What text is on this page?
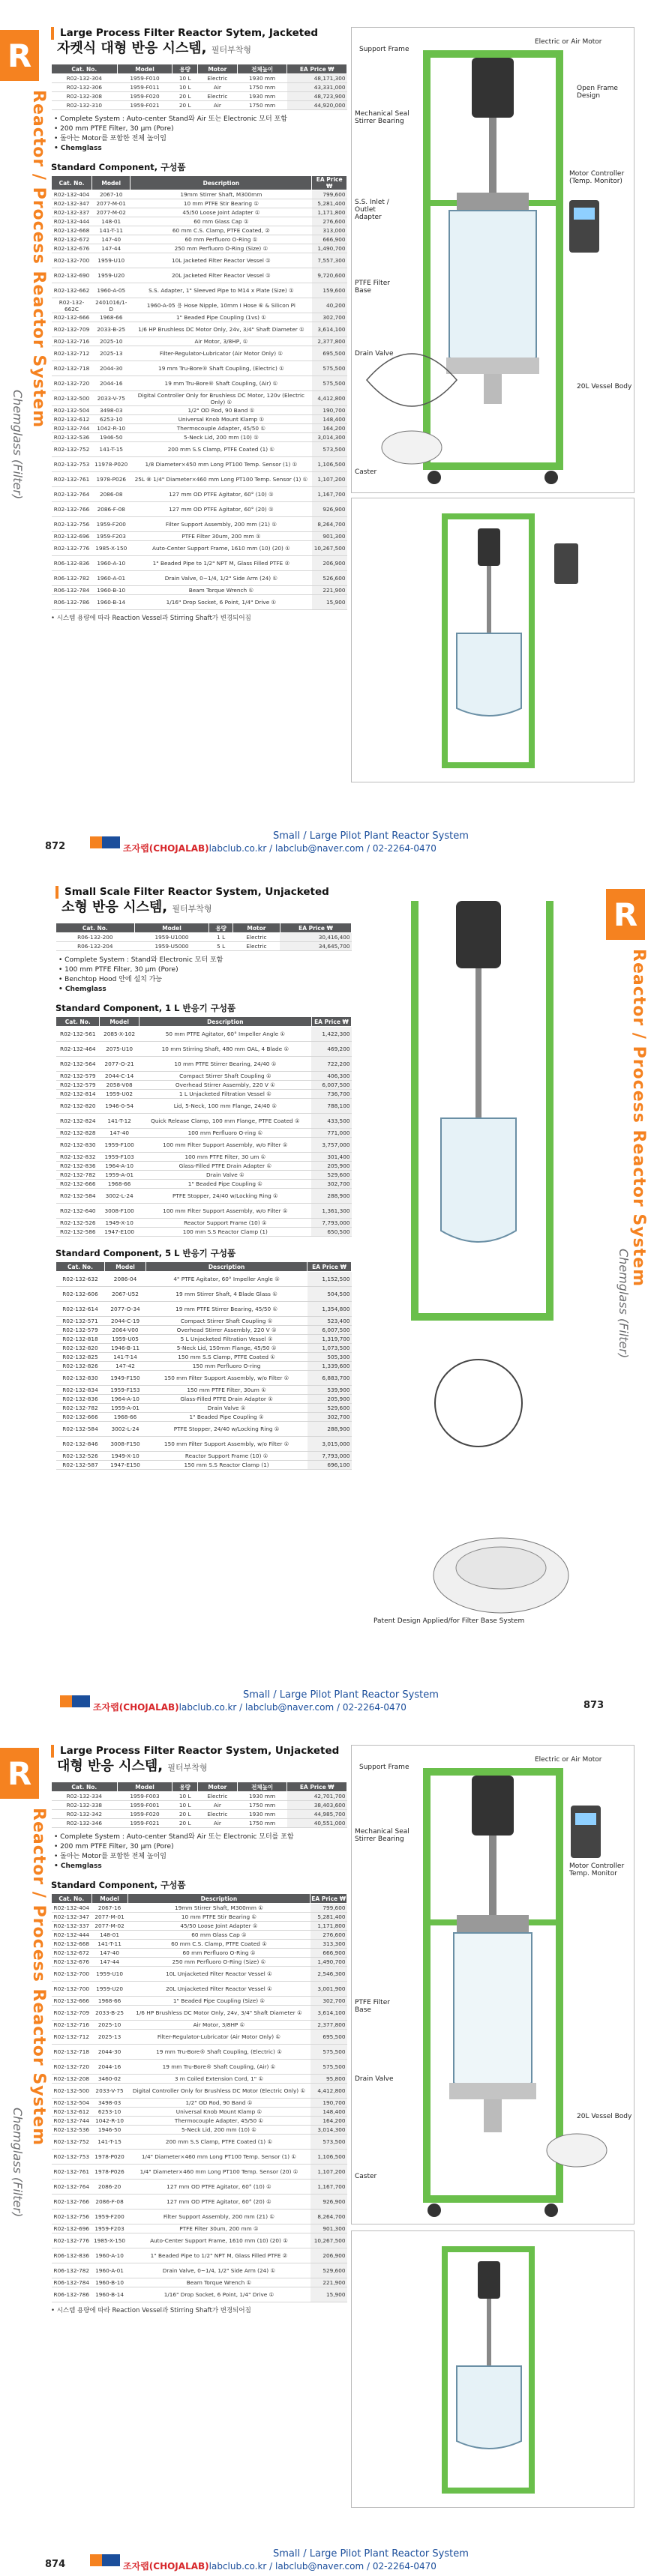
R
Reactor / Process Reactor System
Chemglass (Filter)
Large Process Filter Reactor Sytem, Jacketed
자켓식 대형 반응 시스템, 필터부착형
Cat. No.	Model	용량	Motor	전체높이	EA Price ₩
R02-132-304	1959-F010	10 L	Electric	1930 mm	48,171,300
R02-132-306	1959-F011	10 L	Air	1750 mm	43,331,000
R02-132-308	1959-F020	20 L	Electric	1930 mm	48,723,900
R02-132-310	1959-F021	20 L	Air	1750 mm	44,920,000
• Complete System : Auto-center Stand와 Air 또는 Electronic 모터 포함
• 200 mm PTFE Filter, 30 µm (Pore)
• 돌아는 Motor를 포함한 전체 높이임
• Chemglass
Standard Component, 구성품
Cat. No.	Model	Description	EA Price ₩
R02-132-404	2067-10	19mm Stirrer Shaft, M300mm	799,600
R02-132-347	2077-M-01	10 mm PTFE Stir Bearing ①	5,281,400
R02-132-337	2077-M-02	45/50 Loose Joint Adapter ①	1,171,800
R02-132-444	148-01	60 mm Glass Cap ①	276,600
R02-132-668	141-T-11	60 mm C.S. Clamp, PTFE Coated, ②	313,000
R02-132-672	147-40	60 mm Perfluoro O-Ring ①	666,900
R02-132-676	147-44	250 mm Perfluoro O-Ring (Size) ①	1,490,700
R02-132-700	1959-U10	10L Jacketed Filter Reactor Vessel ①	7,557,300
R02-132-690	1959-U20	20L Jacketed Filter Reactor Vessel ①	9,720,600
R02-132-662	1960-A-05	S.S. Adapter, 1" Sleeved Pipe to M14 x Plate (Size) ①	159,600
R02-132-662C	2401016/1-D	1960-A-05 용 Hose Nipple, 10mm I Hose ⑥ & Silicon Pi	40,200
R02-132-666	1968-66	1" Beaded Pipe Coupling (1vs) ①	302,700
R02-132-709	2033-B-25	1/6 HP Brushless DC Motor Only, 24v, 3/4" Shaft Diameter ①	3,614,100
R02-132-716	2025-10	Air Motor, 3/8HP, ①	2,377,800
R02-132-712	2025-13	Filter-Regulator-Lubricator (Air Motor Only) ①	695,500
R02-132-718	2044-30	19 mm Tru-Bore® Shaft Coupling, (Electric) ①	575,500
R02-132-720	2044-16	19 mm Tru-Bore® Shaft Coupling, (Air) ①	575,500
R02-132-500	2033-V-75	Digital Controller Only for Brushless DC Motor, 120v (Electric Only) ①	4,412,800
R02-132-504	3498-03	1/2" OD Rod, 90 Band ①	190,700
R02-132-612	6253-10	Universal Knob Mount Klamp ①	148,400
R02-132-744	1042-R-10	Thermocouple Adapter, 45/50 ①	164,200
R02-132-536	1946-50	5-Neck Lid, 200 mm (10) ①	3,014,300
R02-132-752	141-T-15	200 mm S.S Clamp, PTFE Coated (1) ①	573,500
R02-132-753	11978-P020	1/8 Diameter×450 mm Long PT100 Temp. Sensor (1) ①	1,106,500
R02-132-761	1978-P026	25L ⑧ 1/4" Diameter×460 mm Long PT100 Temp. Sensor (1) ①	1,107,200
R02-132-764	2086-08	127 mm OD PTFE Agitator, 60° (10) ①	1,167,700
R02-132-766	2086-F-08	127 mm OD PTFE Agitator, 60° (20) ①	926,900
R02-132-756	1959-F200	Filter Support Assembly, 200 mm (21) ①	8,264,700
R02-132-696	1959-F203	PTFE Filter 30um, 200 mm ①	901,300
R02-132-776	1985-X-150	Auto-Center Support Frame, 1610 mm (10) (20) ①	10,267,500
R06-132-836	1960-A-10	1" Beaded Pipe to 1/2" NPT M, Glass Filled PTFE ②	206,900
R06-132-782	1960-A-01	Drain Valve, 0~1/4, 1/2" Side Arm (24) ①	526,600
R06-132-784	1960-B-10	Beam Torque Wrench ①	221,900
R06-132-786	1960-B-14	1/16" Drop Socket, 6 Point, 1/4" Drive ①	15,900
• 시스템 용량에 따라 Reaction Vessel과 Stirring Shaft가 변경되어짐
Support Frame
Electric or Air Motor
Open Frame Design
Mechanical Seal Stirrer Bearing
S.S. Inlet / Outlet Adapter
PTFE Filter Base
Motor Controller (Temp. Monitor)
Drain Valve
Caster
20L Vessel Body
872
Small / Large Pilot Plant Reactor System
조자랩(CHOJALAB)labclub.co.kr / labclub@naver.com / 02-2264-0470
R
Reactor / Process Reactor System
Chemglass (Filter)
Small Scale Filter Reactor System, Unjacketed
소형 반응 시스템, 필터부착형
Cat. No.	Model	용량	Motor	EA Price ₩
R06-132-200	1959-U1000	1 L	Electric	30,416,400
R06-132-204	1959-U5000	5 L	Electric	34,645,700
• Complete System : Stand와 Electronic 모터 포함
• 100 mm PTFE Filter, 30 µm (Pore)
• Benchtop Hood 안에 설치 가능
• Chemglass
Standard Component, 1 L 반응기 구성품
Cat. No.	Model	Description	EA Price ₩
R02-132-561	2085-X-102	50 mm PTFE Agitator, 60° Impeller Angle ①	1,422,300
R02-132-464	2075-U10	10 mm Stirring Shaft, 480 mm OAL, 4 Blade ①	469,200
R02-132-564	2077-O-21	10 mm PTFE Stirrer Bearing, 24/40 ①	722,200
R02-132-579	2044-C-14	Compact Stirrer Shaft Coupling ①	406,300
R02-132-579	2058-V08	Overhead Stirrer Assembly, 220 V ①	6,007,500
R02-132-814	1959-U02	1 L Unjacketed Filtration Vessel ①	736,700
R02-132-820	1946-0-54	Lid, 5-Neck, 100 mm Flange, 24/40 ①	788,100
R02-132-824	141-T-12	Quick Release Clamp, 100 mm Flange, PTFE Coated ①	433,500
R02-132-828	147-40	100 mm Perfluoro O-ring ①	771,000
R02-132-830	1959-F100	100 mm Filter Support Assembly, w/o Filter ①	3,757,000
R02-132-832	1959-F103	100 mm PTFE Filter, 30 um ①	301,400
R02-132-836	1964-A-10	Glass-Filled PTFE Drain Adapter ①	205,900
R02-132-782	1959-A-01	Drain Valve ①	529,600
R02-132-666	1968-66	1" Beaded Pipe Coupling ①	302,700
R02-132-584	3002-L-24	PTFE Stopper, 24/40 w/Locking Ring ①	288,900
R02-132-640	3008-F100	100 mm Filter Support Assembly, w/o Filter ①	1,361,300
R02-132-526	1949-X-10	Reactor Support Frame (10) ①	7,793,000
R02-132-586	1947-E100	100 mm S.S Reactor Clamp (1)	650,500
Standard Component, 5 L 반응기 구성품
Cat. No.	Model	Description	EA Price ₩
R02-132-632	2086-04	4" PTFE Agitator, 60° Impeller Angle ①	1,152,500
R02-132-606	2067-U52	19 mm Stirrer Shaft, 4 Blade Glass ①	504,500
R02-132-614	2077-O-34	19 mm PTFE Stirrer Bearing, 45/50 ①	1,354,800
R02-132-571	2044-C-19	Compact Stirrer Shaft Coupling ①	523,400
R02-132-579	2064-V00	Overhead Stirrer Assembly, 220 V ①	6,007,500
R02-132-818	1959-U05	5 L Unjacketed Filtration Vessel ①	1,319,700
R02-132-820	1946-B-11	5-Neck Lid, 150mm Flange, 45/50 ①	1,073,500
R02-132-825	141-T-14	150 mm S.S Clamp, PTFE Coated ①	505,300
R02-132-826	147-42	150 mm Perfluoro O-ring	1,339,600
R02-132-830	1949-F150	150 mm Filter Support Assembly, w/o Filter ①	6,883,700
R02-132-834	1959-F153	150 mm PTFE Filter, 30um ①	539,900
R02-132-836	1964-A-10	Glass-Filled PTFE Drain Adaptor ①	205,900
R02-132-782	1959-A-01	Drain Valve ①	529,600
R02-132-666	1968-66	1" Beaded Pipe Coupling ①	302,700
R02-132-584	3002-L-24	PTFE Stopper, 24/40 w/Locking Ring ①	288,900
R02-132-846	3008-F150	150 mm Filter Support Assembly, w/o Filter ①	3,015,000
R02-132-526	1949-X-10	Reactor Support Frame (10) ①	7,793,000
R02-132-587	1947-E150	150 mm S.S Reactor Clamp (1)	696,100
Patent Design Applied/for Filter Base System
873
Small / Large Pilot Plant Reactor System
조자랩(CHOJALAB)labclub.co.kr / labclub@naver.com / 02-2264-0470
R
Reactor / Process Reactor System
Chemglass (Filter)
Large Process Filter Reactor System, Unjacketed
대형 반응 시스템, 필터부착형
Cat. No.	Model	용량	Motor	전체높이	EA Price ₩
R02-132-334	1959-F003	10 L	Electric	1930 mm	42,701,700
R02-132-338	1959-F001	10 L	Air	1750 mm	38,403,600
R02-132-342	1959-F020	20 L	Electric	1930 mm	44,985,700
R02-132-346	1959-F021	20 L	Air	1750 mm	40,551,000
• Complete System : Auto-center Stand와 Air 또는 Electronic 모터를 포함
• 200 mm PTFE Filter, 30 µm (Pore)
• 돌아는 Motor를 포함한 전체 높이임
• Chemglass
Standard Component, 구성품
Cat. No.	Model	Description	EA Price ₩
R02-132-404	2067-16	19mm Stirrer Shaft, M300mm ①	799,600
R02-132-347	2077-M-01	10 mm PTFE Stir Bearing ①	5,281,400
R02-132-337	2077-M-02	45/50 Loose Joint Adapter ①	1,171,800
R02-132-444	148-01	60 mm Glass Cap ①	276,600
R02-132-668	141-T-11	60 mm C.S. Clamp, PTFE Coated ①	313,300
R02-132-672	147-40	60 mm Perfluoro O-Ring ①	666,900
R02-132-676	147-44	250 mm Perfluoro O-Ring (Size) ①	1,490,700
R02-132-700	1959-U10	10L Unjacketed Filter Reactor Vessel ①	2,546,300
R02-132-700	1959-U20	20L Unjacketed Filter Reactor Vessel ①	3,001,900
R02-132-666	1968-66	1" Beaded Pipe Coupling (Size) ①	302,700
R02-132-709	2033-B-25	1/6 HP Brushless DC Motor Only, 24v, 3/4" Shaft Diameter ①	3,614,100
R02-132-716	2025-10	Air Motor, 3/8HP ①	2,377,800
R02-132-712	2025-13	Filter-Regulator-Lubricator (Air Motor Only) ①	695,500
R02-132-718	2044-30	19 mm Tru-Bore® Shaft Coupling, (Electric) ①	575,500
R02-132-720	2044-16	19 mm Tru-Bore® Shaft Coupling, (Air) ①	575,500
R02-132-208	3460-02	3 m Coiled Extension Cord, 1" ①	95,800
R02-132-500	2033-V-75	Digital Controller Only for Brushless DC Motor (Electric Only) ①	4,412,800
R02-132-504	3498-03	1/2" OD Rod, 90 Band ①	190,700
R02-132-612	6253-10	Universal Knob Mount Klamp ①	148,400
R02-132-744	1042-R-10	Thermocouple Adapter, 45/50 ①	164,200
R02-132-536	1946-50	5-Neck Lid, 200 mm (10) ①	3,014,300
R02-132-752	141-T-15	200 mm S.S Clamp, PTFE Coated (1) ①	573,500
R02-132-753	1978-P020	1/4" Diameter×460 mm Long PT100 Temp. Sensor (1) ①	1,106,500
R02-132-761	1978-P026	1/4" Diameter×460 mm Long PT100 Temp. Sensor (20) ①	1,107,200
R02-132-764	2086-20	127 mm OD PTFE Agitator, 60° (10) ①	1,167,700
R02-132-766	2086-F-08	127 mm OD PTFE Agitator, 60° (20) ①	926,900
R02-132-756	1959-F200	Filter Support Assembly, 200 mm (21) ①	8,264,700
R02-132-696	1959-F203	PTFE Filter 30um, 200 mm ①	901,300
R02-132-776	1985-X-150	Auto-Center Support Frame, 1610 mm (10) (20) ①	10,267,500
R06-132-836	1960-A-10	1" Beaded Pipe to 1/2" NPT M, Glass Filled PTFE ②	206,900
R06-132-782	1960-A-01	Drain Valve, 0~1/4, 1/2" Side Arm (24) ①	529,600
R06-132-784	1960-B-10	Beam Torque Wrench ①	221,900
R06-132-786	1960-B-14	1/16" Drop Socket, 6 Point, 1/4" Drive ①	15,900
• 시스템 용량에 따라 Reaction Vessel과 Stirring Shaft가 변경되어짐
Support Frame
Electric or Air Motor
Mechanical Seal Stirrer Bearing
Motor Controller Temp. Monitor
PTFE Filter Base
Drain Valve
Caster
20L Vessel Body
874
Small / Large Pilot Plant Reactor System
조자랩(CHOJALAB)labclub.co.kr / labclub@naver.com / 02-2264-0470
